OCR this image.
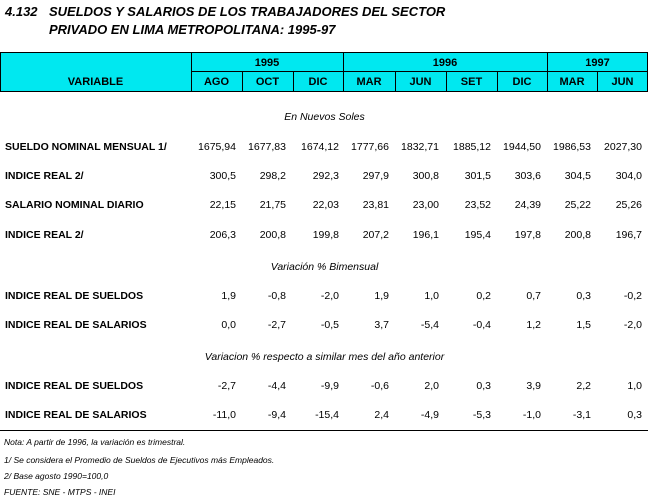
4.132 SUELDOS Y SALARIOS DE LOS TRABAJADORES DEL SECTOR
PRIVADO EN LIMA METROPOLITANA: 1995-97
VARIABLE
1995	1996	1997
AGO	OCT	DIC	MAR	JUN	SET	DIC	MAR	JUN
En Nuevos Soles
SUELDO NOMINAL MENSUAL 1/	1675,94	1677,83	1674,12	1777,66	1832,71	1885,12	1944,50	1986,53	2027,30
INDICE REAL 2/	300,5	298,2	292,3	297,9	300,8	301,5	303,6	304,5	304,0
SALARIO NOMINAL DIARIO	22,15	21,75	22,03	23,81	23,00	23,52	24,39	25,22	25,26
INDICE REAL 2/	206,3	200,8	199,8	207,2	196,1	195,4	197,8	200,8	196,7
Variación % Bimensual
INDICE REAL DE SUELDOS	1,9	-0,8	-2,0	1,9	1,0	0,2	0,7	0,3	-0,2
INDICE REAL DE SALARIOS	0,0	-2,7	-0,5	3,7	-5,4	-0,4	1,2	1,5	-2,0
Variacion % respecto a similar mes del año anterior
INDICE REAL DE SUELDOS	-2,7	-4,4	-9,9	-0,6	2,0	0,3	3,9	2,2	1,0
INDICE REAL DE SALARIOS	-11,0	-9,4	-15,4	2,4	-4,9	-5,3	-1,0	-3,1	0,3
Nota: A partir de 1996, la variación es trimestral.
1/ Se considera el Promedio de Sueldos de Ejecutivos más Empleados.
2/ Base agosto 1990=100,0
FUENTE: SNE - MTPS - INEI
